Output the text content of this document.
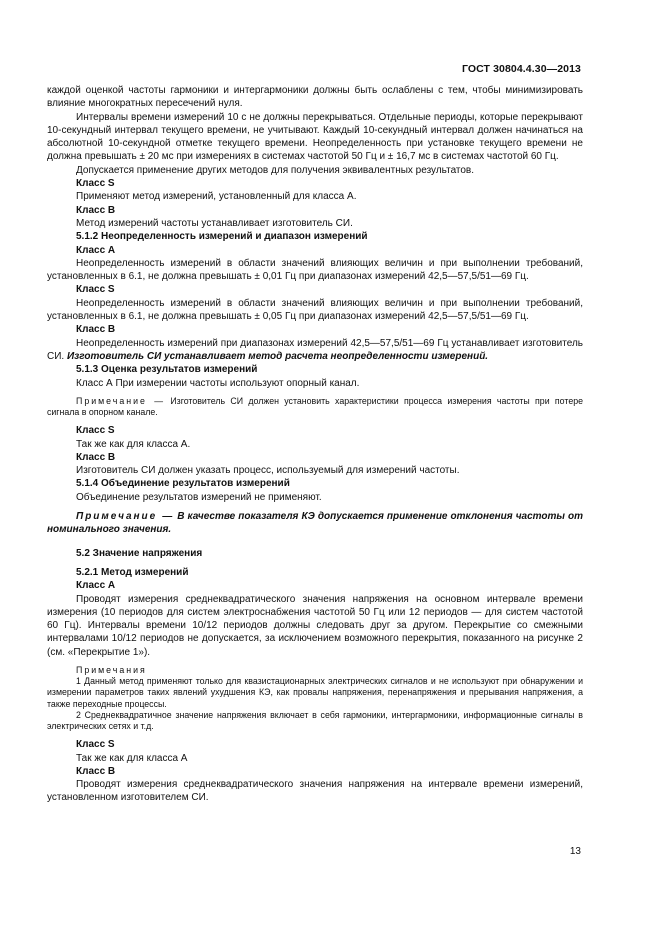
ГОСТ 30804.4.30—2013

каждой оценкой частоты гармоники и интергармоники должны быть ослаблены с тем, чтобы минимизировать влияние многократных пересечений нуля.

Интервалы времени измерений 10 с не должны перекрываться. Отдельные периоды, которые перекрывают 10-секундный интервал текущего времени, не учитывают. Каждый 10-секундный интервал должен начинаться на абсолютной 10-секундной отметке текущего времени. Неопределенность при установке текущего времени не должна превышать ± 20 мс при измерениях в системах частотой 50 Гц и ± 16,7 мс в системах частотой 60 Гц.

Допускается применение других методов для получения эквивалентных результатов.

Класс S

Применяют метод измерений, установленный для класса А.

Класс В

Метод измерений частоты устанавливает изготовитель СИ.

5.1.2 Неопределенность измерений и диапазон измерений

Класс А

Неопределенность измерений в области значений влияющих величин и при выполнении требований, установленных в 6.1, не должна превышать ± 0,01 Гц при диапазонах измерений 42,5—57,5/51—69 Гц.

Класс S

Неопределенность измерений в области значений влияющих величин и при выполнении требований, установленных в 6.1, не должна превышать ± 0,05 Гц при диапазонах измерений 42,5—57,5/51—69 Гц.

Класс В

Неопределенность измерений при диапазонах измерений 42,5—57,5/51—69 Гц устанавливает изготовитель СИ. Изготовитель СИ устанавливает метод расчета неопределенности измерений.

5.1.3 Оценка результатов измерений

Класс А При измерении частоты используют опорный канал.

Примечание — Изготовитель СИ должен установить характеристики процесса измерения частоты при потере сигнала в опорном канале.

Класс S

Так же как для класса А.

Класс В

Изготовитель СИ должен указать процесс, используемый для измерений частоты.

5.1.4 Объединение результатов измерений

Объединение результатов измерений не применяют.

Примечание — В качестве показателя КЭ допускается применение отклонения частоты от номинального значения.

5.2 Значение напряжения

5.2.1 Метод измерений

Класс А

Проводят измерения среднеквадратического значения напряжения на основном интервале времени измерения (10 периодов для систем электроснабжения частотой 50 Гц или 12 периодов — для систем частотой 60 Гц). Интервалы времени 10/12 периодов должны следовать друг за другом. Перекрытие со смежными интервалами 10/12 периодов не допускается, за исключением возможного перекрытия, показанного на рисунке 2 (см. «Перекрытие 1»).

Примечания

1 Данный метод применяют только для квазистационарных электрических сигналов и не используют при обнаружении и измерении параметров таких явлений ухудшения КЭ, как провалы напряжения, перенапряжения и прерывания напряжения, а также переходные процессы.

2 Среднеквадратичное значение напряжения включает в себя гармоники, интергармоники, информационные сигналы в электрических сетях и т.д.

Класс S

Так же как для класса А

Класс В

Проводят измерения среднеквадратического значения напряжения на интервале времени измерений, установленном изготовителем СИ.

13
